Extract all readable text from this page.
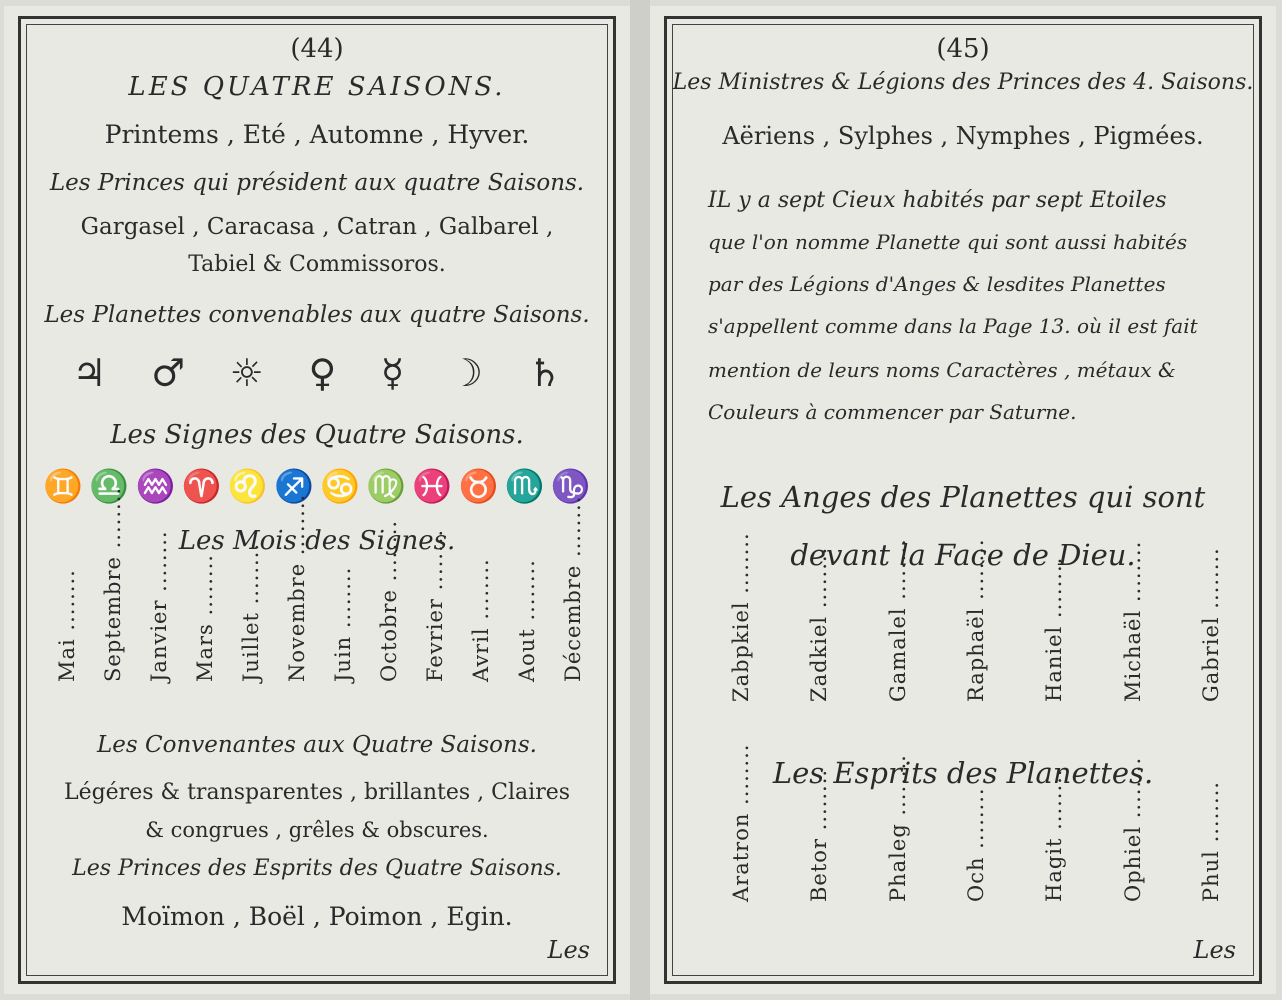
(44)
LES QUATRE SAISONS.
Printems , Eté , Automne , Hyver.
Les Princes qui président aux quatre Saisons.
Gargasel , Caracasa , Catran , Galbarel ,
Tabiel & Commissoros.
Les Planettes convenables aux quatre Saisons.
♃ ♂ ☼ ♀ ☿ ☽ ♄
Les Signes des Quatre Saisons.
♊ ♎ ♒ ♈ ♌ ♐ ♋ ♍ ♓ ♉ ♏ ♑
Les Mois des Signes.
Mai ........ Septembre ........ Janvier ........ Mars ........ Juillet ........ Novembre ........ Juin ........ Octobre ........ Fevrier ........ Avril ........ Aout ........ Décembre ........
Les Convenantes aux Quatre Saisons.
Légéres & transparentes , brillantes , Claires
& congrues , grêles & obscures.
Les Princes des Esprits des Quatre Saisons.
Moïmon , Boël , Poimon , Egin.
Les
(45)
Les Ministres & Légions des Princes des 4. Saisons.
Aëriens , Sylphes , Nymphes , Pigmées.
IL y a sept Cieux habités par sept Etoiles
que l'on nomme Planette qui sont aussi habités
par des Légions d'Anges & lesdites Planettes
s'appellent comme dans la Page 13. où il est fait
mention de leurs noms Caractères , métaux &
Couleurs à commencer par Saturne.
Les Anges des Planettes qui sont
devant la Face de Dieu.
Zabpkiel ........	Zadkiel ........	Gamalel ........	Raphaël ........	Haniel ........	Michaël ........	Gabriel ........
Les Esprits des Planettes.
Aratron ........	Betor ........	Phaleg ........	Och ........	Hagit ........	Ophiel ........	Phul ........
Les
